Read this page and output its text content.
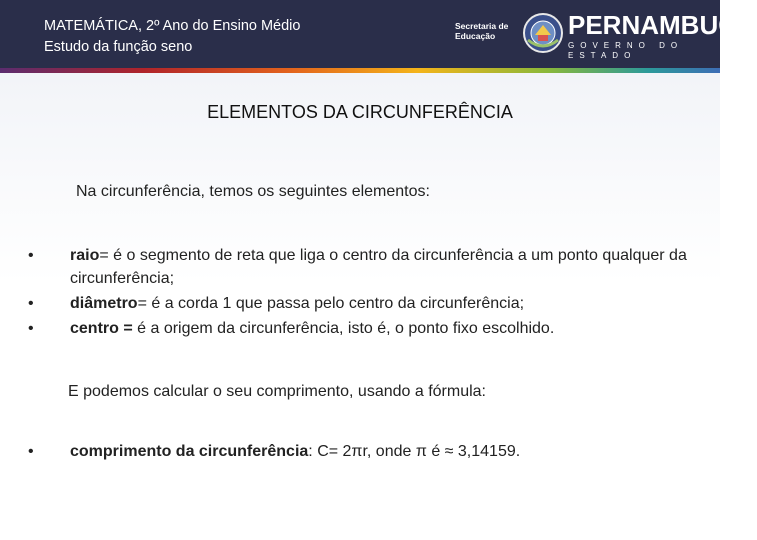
MATEMÁTICA, 2º Ano do Ensino Médio
Estudo da função seno
Secretaria de
Educação	PERNAMBUCO
GOVERNO DO ESTADO
ELEMENTOS DA CIRCUNFERÊNCIA
Na circunferência, temos os seguintes elementos:
• raio= é o segmento de reta que liga o centro da circunferência a um ponto qualquer da circunferência;
• diâmetro= é a corda 1 que passa pelo centro da circunferência;
• centro = é a origem da circunferência, isto é, o ponto fixo escolhido.
E podemos calcular o seu comprimento, usando a fórmula:
• comprimento da circunferência: C= 2πr, onde π é ≈ 3,14159.
